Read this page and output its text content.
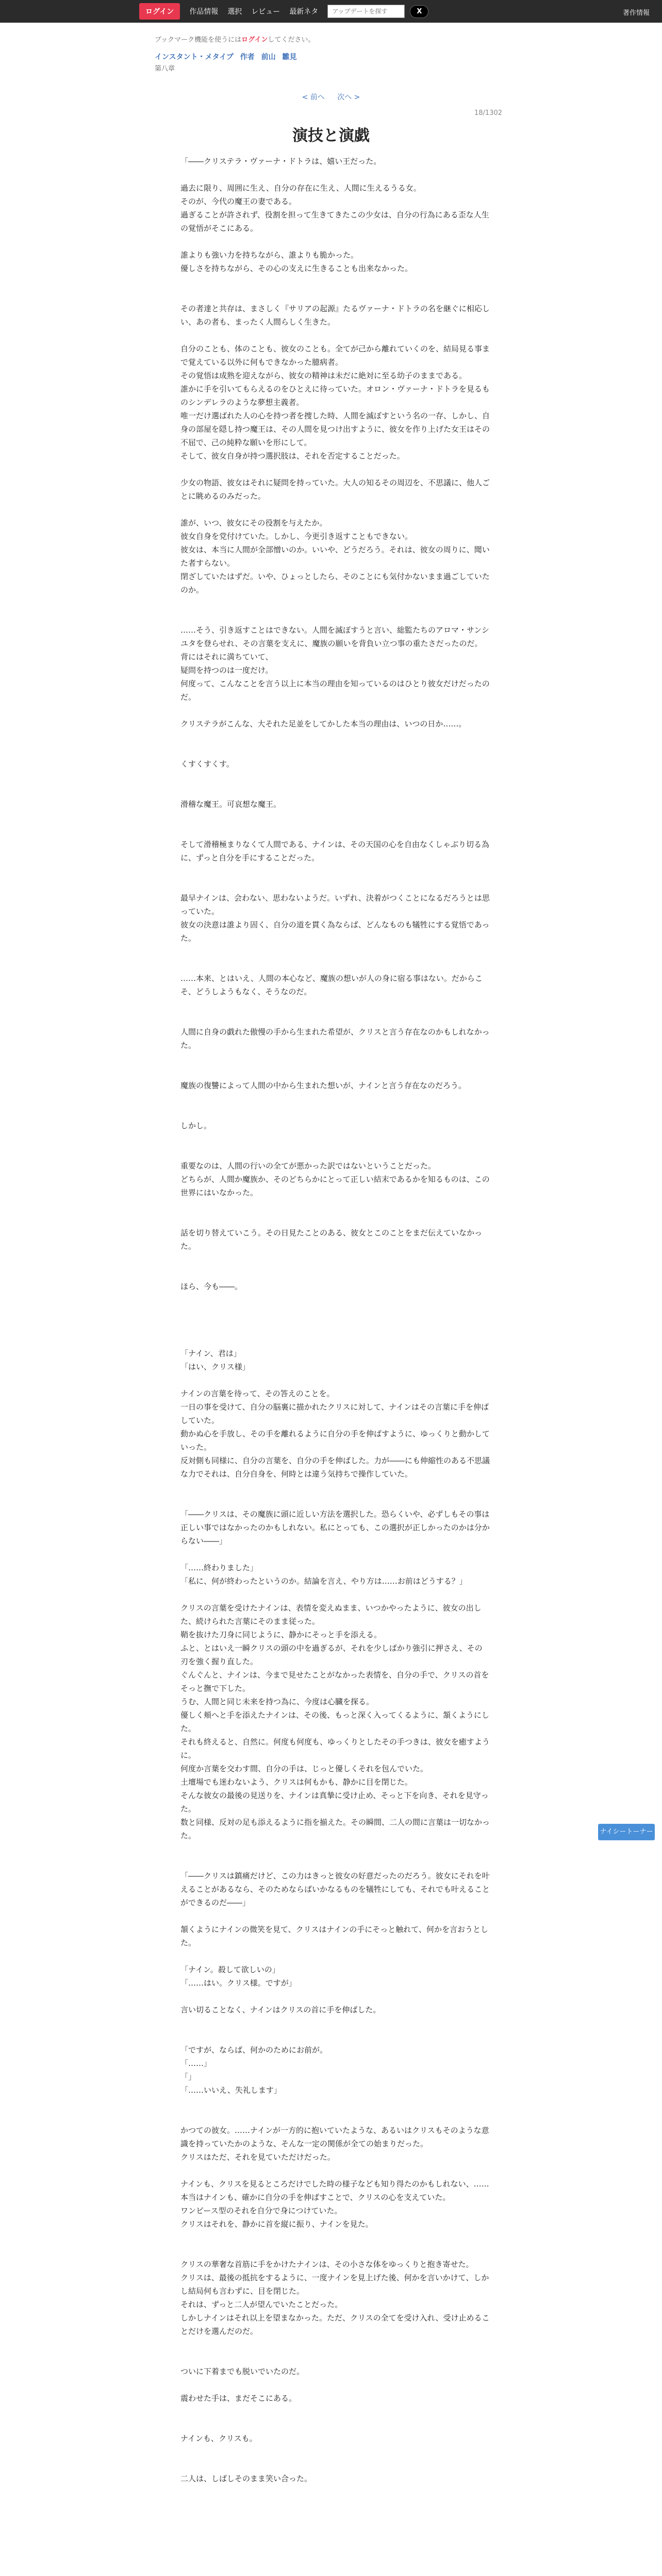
ログイン	作品情報 選択 レビュー 最新ネタ
アップデートを探す	X	著作情報
ブックマーク機能を使うにはログインしてください。
インスタント・メタイプ 作者 前山 雛見
第八章
< 前へ 次へ >
18/1302
演技と演戯

「――クリステラ・ヴァーナ・ドトラは、嬉い王だった。

過去に限り、周囲に生え、自分の存在に生え、人間に生えるうる女。

そのが、今代の魔王の妻である。

過ぎることが許されず、役割を担って生きてきたこの少女は、自分の行為にある歪な人生の覚悟がそこにある。

誰よりも強い力を持ちながら、誰よりも脆かった。

優しさを持ちながら、その心の支えに生きることも出来なかった。

その者達と共存は、まさしく『サリアの起源』たるヴァーナ・ドトラの名を継ぐに相応しい、あの者も、まったく人間らしく生きた。

自分のことも、体のことも、彼女のことも。全てが己から離れていくのを、結局見る事まで覚えている以外に何もできなかった臆病者。

その覚悟は成熟を迎えながら、彼女の精神は未だに絶対に至る幼子のままである。

誰かに手を引いてもらえるのをひとえに待っていた。オロン・ヴァーナ・ドトラを見るものシンデレラのような夢想主義者。

唯一だけ選ばれた人の心を持つ者を捜した時、人間を滅ぼすという名の一存、しかし、自身の部屋を隠し持つ魔王は、その人間を見つけ出すように、彼女を作り上げた女王はその不屈で、己の純粋な願いを形にして。

そして、彼女自身が持つ選択肢は、それを否定することだった。

少女の物語、彼女はそれに疑問を持っていた。大人の知るその周辺を、不思議に、他人ごとに眺めるのみだった。

誰が、いつ、彼女にその役割を与えたか。

彼女自身を党付けていた。しかし、今更引き返すこともできない。

彼女は、本当に人間が全部憎いのか。いいや、どうだろう。それは、彼女の周りに、聞いた者すらない。

閉ざしていたはずだ。いや、ひょっとしたら、そのことにも気付かないまま過ごしていたのか。

……そう、引き返すことはできない。人間を滅ぼすうと言い、総監たちのアロマ・サンシユタを登らせれ、その言葉を支えに、魔族の願いを背負い立つ事の重たさだったのだ。

背にはそれに満ちていて、

疑問を持つのは一度だけ。

何度って、こんなことを言う以上に本当の理由を知っているのはひとり彼女だけだったのだ。

クリステラがこんな、大それた足並をしてかした本当の理由は、いつの日か……。

くすくすくす。

滑稽な魔王。可哀想な魔王。

そして滑稽極まりなくて人間である、ナインは、その天国の心を自由なくしゃぶり切る為に、ずっと自分を手にすることだった。

最早ナインは、会わない、思わないようだ。いずれ、決着がつくことになるだろうとは思っていた。

彼女の決意は誰より固く、自分の道を貫く為ならば、どんなものも犠牲にする覚悟であった。

……本来、とはいえ、人間の本心など、魔族の想いが人の身に宿る事はない。だからこそ、どうしようもなく、そうなのだ。

人間に自身の戯れた傲慢の手から生まれた希望が、クリスと言う存在なのかもしれなかった。

魔族の復讐によって人間の中から生まれた想いが、ナインと言う存在なのだろう。

しかし。

重要なのは、人間の行いの全てが悪かった訳ではないということだった。

どちらが、人間か魔族か、そのどちらかにとって正しい結末であるかを知るものは、この世界にはいなかった。

話を切り替えていこう。その日見たことのある、彼女とこのことをまだ伝えていなかった。

ほら、今も――。

「ナイン、君は」

「はい、クリス様」

ナインの言葉を待って、その答えのことを。

一日の事を受けて、自分の脳裏に描かれたクリスに対して、ナインはその言葉に手を伸ばしていた。

動かぬ心を手放し、その手を離れるように自分の手を伸ばすように、ゆっくりと動かしていった。

反対側も同様に、自分の言葉を、自分の手を伸ばした。力が――にも伸縮性のある不思議な力でそれは、自分自身を、何時とは違う気持ちで操作していた。

「――クリスは、その魔族に頭に近しい方法を選択した。恐らくいや、必ずしもその事は正しい事ではなかったのかもしれない。私にとっても、この選択が正しかったのかは分からない――」

「……終わりました」

「私に、何が終わったというのか。結論を言え、やり方は……お前はどうする？」

クリスの言葉を受けたナインは、表情を変えぬまま、いつかやったように、彼女の出した、続けられた言葉にそのまま従った。

鞘を抜けた刀身に同じように、静かにそっと手を添える。

ふと、とはいえ一瞬クリスの頭の中を過ぎるが、それを少しばかり強引に押さえ、その刃を強く握り直した。

ぐんぐんと、ナインは、今まで見せたことがなかった表情を、自分の手で、クリスの首をそっと撫で下した。

うむ、人間と同じ未来を持つ為に、今度は心臓を探る。

優しく頬へと手を添えたナインは、その後、もっと深く入ってくるように、頷くようにした。

それも終えると、自然に。何度も何度も、ゆっくりとしたその手つきは、彼女を癒すように。

何度か言葉を交わす間、自分の手は、じっと優しくそれを包んでいた。

土壇場でも迷わないよう、クリスは何もかも、静かに目を閉じた。

そんな彼女の最後の見送りを、ナインは真摯に受け止め、そっと下を向き、それを見守った。

数と同様、反対の足も添えるように指を揃えた。その瞬間、二人の間に言葉は一切なかった。

「――クリスは鎮痛だけど、この力はきっと彼女の好意だったのだろう。彼女にそれを叶えることがあるなら、そのためならばいかなるものを犠牲にしても、それでも叶えることができるのだ――」

頷くようにナインの微笑を見て、クリスはナインの手にそっと触れて、何かを言おうとした。

「ナイン。殺して欲しいの」

「……はい。クリス様。ですが」

言い切ることなく、ナインはクリスの首に手を伸ばした。

「ですが、ならば、何かのためにお前が。

「……」

「」

「……いいえ、失礼します」

かつての彼女。……ナインが一方的に抱いていたような、あるいはクリスもそのような意識を持っていたかのような、そんな一定の関係が全ての始まりだった。

クリスはただ、それを見ていただけだった。

ナインも、クリスを見るところだけでした時の様子なども知り得たのかもしれない、……本当はナインも、確かに自分の手を伸ばすことで、クリスの心を支えていた。

ワンピース型のそれを自分で身につけていた。

クリスはそれを、静かに首を縦に振り、ナインを見た。

クリスの華奢な首筋に手をかけたナインは、その小さな体をゆっくりと抱き寄せた。

クリスは、最後の抵抗をするように、一度ナインを見上げた後、何かを言いかけて、しかし結局何も言わずに、目を閉じた。

それは、ずっと二人が望んでいたことだった。

しかしナインはそれ以上を望まなかった。ただ、クリスの全てを受け入れ、受け止めることだけを選んだのだ。

ついに下着までも脱いでいたのだ。

震わせた手は、まだそこにある。

ナインも、クリスも。

二人は、しばしそのまま笑い合った。

ナイシートーナー
